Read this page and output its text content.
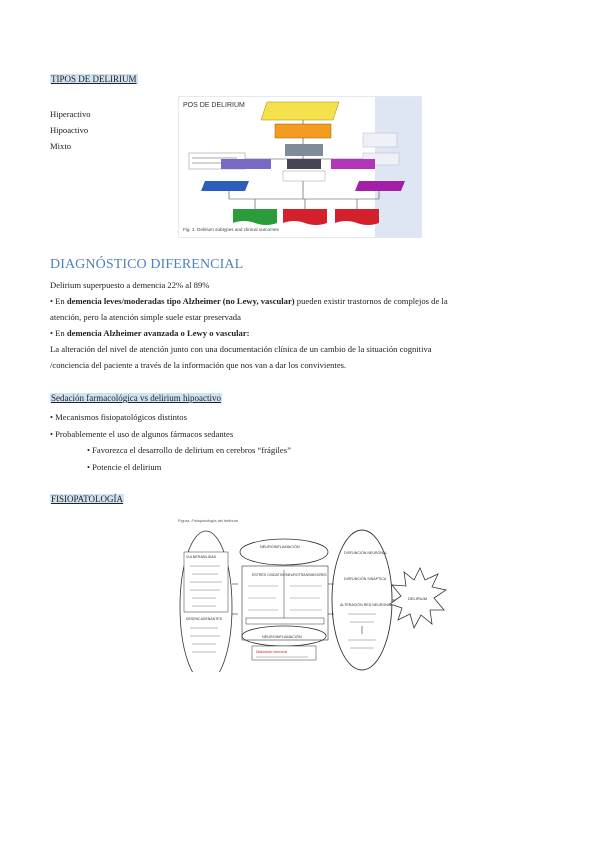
TIPOS DE DELIRIUM

Hiperactivo

Hipoactivo

Mixto

POS DE DELIRIUM
Fig. 1. Delirium subtypes and clinical outcomes
DIAGNÓSTICO DIFERENCIAL

Delirium superpuesto a demencia 22% al 89%

• En demencia leves/moderadas tipo Alzheimer (no Lewy, vascular) pueden existir trastornos de complejos de la

atención, pero la atención simple suele estar preservada

• En demencia Alzheimer avanzada o Lewy o vascular:

La alteración del nivel de atención junto con una documentación clínica de un cambio de la situación cognitiva

/conciencia del paciente a través de la información que nos van a dar los convivientes.

Sedación farmacológica vs delirium hipoactivo
• Mecanismos fisiopatológicos distintos
• Probablemente el uso de algunos fármacos sedantes
• Favorezca el desarrollo de delirium en cerebros “frágiles”
• Potencie el delirium
FISIOPATOLOGÍA
Figura. Fisiopatología del delirium
VULNERABILIDAD
DESENCADENANTES
NEUROINFLAMACIÓN
ESTRÉS OXIDATIVO NEUROTRANSMISORES
NEUROINFLAMACIÓN
Disfunción neuronal
DISFUNCIÓN NEURONAL
DISFUNCIÓN SINÁPTICA
ALTERACIÓN RED NEURONAL
DELIRIUM
